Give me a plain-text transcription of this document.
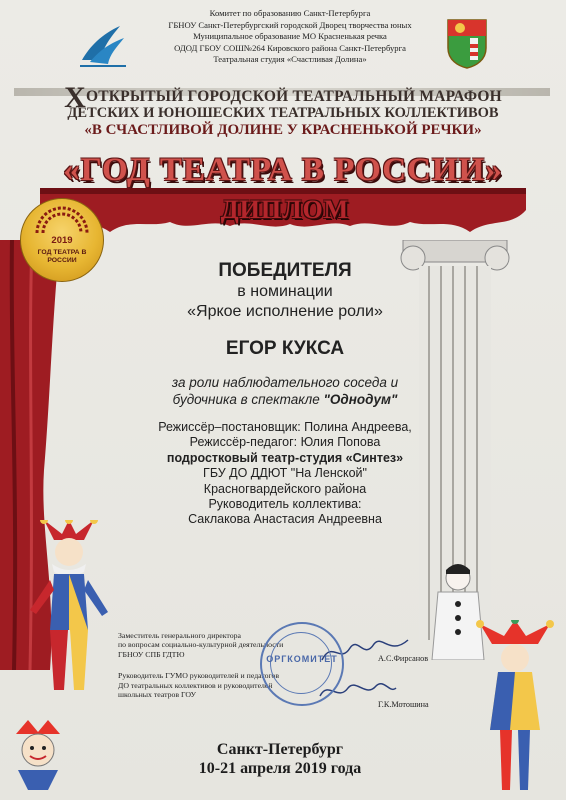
Комитет по образованию Санкт-Петербурга
ГБНОУ Санкт-Петербургский городской Дворец творчества юных
Муниципальное образование МО Красненькая речка
ОДОД ГБОУ СОШ№264 Кировского района Санкт-Петербурга
Театральная студия «Счастливая Долина»
ХОТКРЫТЫЙ ГОРОДСКОЙ ТЕАТРАЛЬНЫЙ МАРАФОН
ДЕТСКИХ И ЮНОШЕСКИХ ТЕАТРАЛЬНЫХ КОЛЛЕКТИВОВ
«В СЧАСТЛИВОЙ ДОЛИНЕ У КРАСНЕНЬКОЙ РЕЧКИ»
«ГОД ТЕАТРА В РОССИИ»
ДИПЛОМ
2019
ГОД ТЕАТРА В РОССИИ	ПОБЕДИТЕЛЯ
в номинации
«Яркое исполнение роли»
ЕГОР КУКСА
за роли наблюдательного соседа и
будочника в спектакле "Однодум"
Режиссёр–постановщик: Полина Андреева,
Режиссёр-педагог: Юлия Попова
подростковый театр-студия «Синтез»
ГБУ ДО ДДЮТ "На Ленской"
Красногвардейского района
Руководитель коллектива:
Саклакова Анастасия Андреевна
Заместитель генерального директора
по вопросам социально-культурной деятельности
ГБНОУ СПБ ГДТЮ
Руководитель ГУМО руководителей и педагогов
ДО театральных коллективов и руководителей
школьных театров ГОУ
А.С.Фирсанов
Г.К.Мотошина
ОРГКОМИТЕТ
Санкт-Петербург
10-21 апреля 2019 года
